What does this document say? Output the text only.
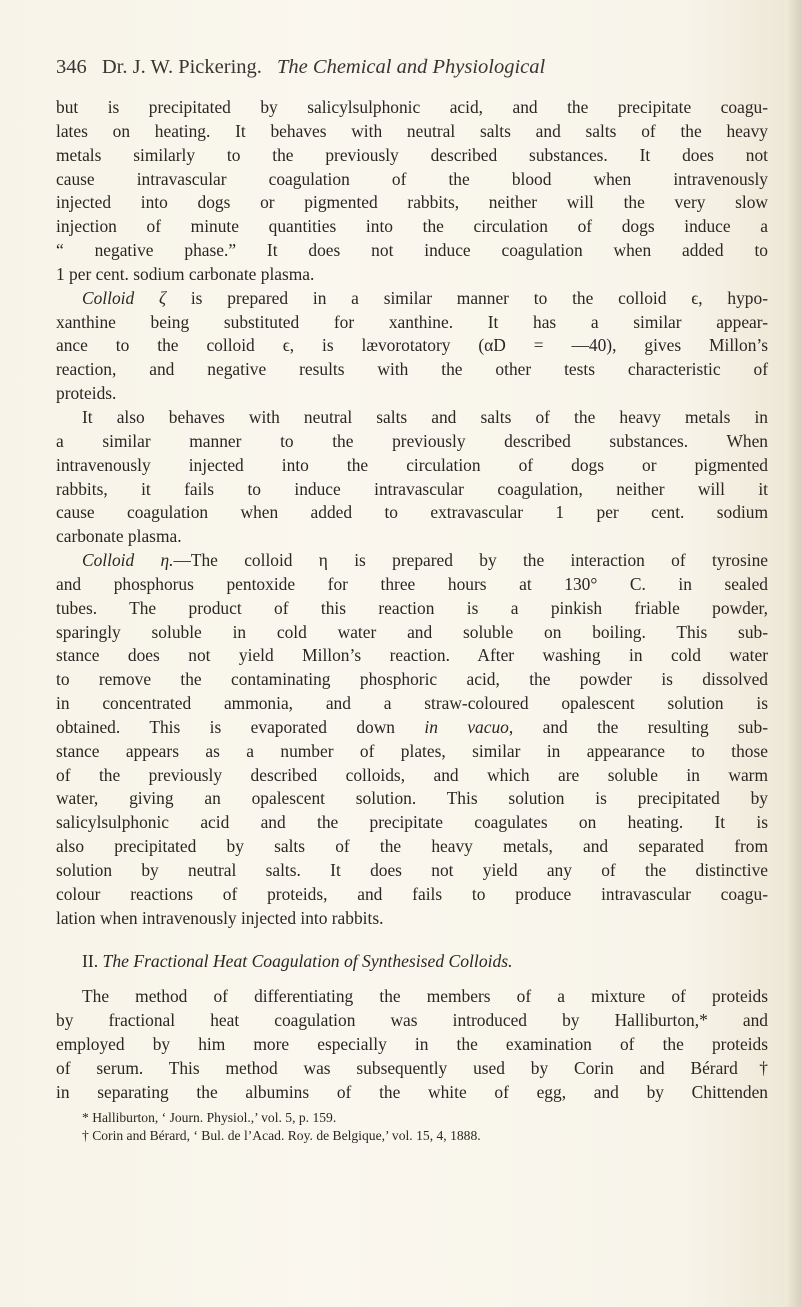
346 Dr. J. W. Pickering. The Chemical and Physiological

but is precipitated by salicylsulphonic acid, and the precipitate coagu-

lates on heating. It behaves with neutral salts and salts of the heavy

metals similarly to the previously described substances. It does not

cause intravascular coagulation of the blood when intravenously

injected into dogs or pigmented rabbits, neither will the very slow

injection of minute quantities into the circulation of dogs induce a

“ negative phase.” It does not induce coagulation when added to

1 per cent. sodium carbonate plasma.

Colloid ζ is prepared in a similar manner to the colloid ϵ, hypo-

xanthine being substituted for xanthine. It has a similar appear-

ance to the colloid ϵ, is lævorotatory (αD = —40), gives Millon’s

reaction, and negative results with the other tests characteristic of

proteids.

It also behaves with neutral salts and salts of the heavy metals in

a similar manner to the previously described substances. When

intravenously injected into the circulation of dogs or pigmented

rabbits, it fails to induce intravascular coagulation, neither will it

cause coagulation when added to extravascular 1 per cent. sodium

carbonate plasma.

Colloid η.—The colloid η is prepared by the interaction of tyrosine

and phosphorus pentoxide for three hours at 130° C. in sealed

tubes. The product of this reaction is a pinkish friable powder,

sparingly soluble in cold water and soluble on boiling. This sub-

stance does not yield Millon’s reaction. After washing in cold water

to remove the contaminating phosphoric acid, the powder is dissolved

in concentrated ammonia, and a straw-coloured opalescent solution is

obtained. This is evaporated down in vacuo, and the resulting sub-

stance appears as a number of plates, similar in appearance to those

of the previously described colloids, and which are soluble in warm

water, giving an opalescent solution. This solution is precipitated by

salicylsulphonic acid and the precipitate coagulates on heating. It is

also precipitated by salts of the heavy metals, and separated from

solution by neutral salts. It does not yield any of the distinctive

colour reactions of proteids, and fails to produce intravascular coagu-

lation when intravenously injected into rabbits.

II. The Fractional Heat Coagulation of Synthesised Colloids.

The method of differentiating the members of a mixture of proteids

by fractional heat coagulation was introduced by Halliburton,* and

employed by him more especially in the examination of the proteids

of serum. This method was subsequently used by Corin and Bérard†

in separating the albumins of the white of egg, and by Chittenden

* Halliburton, ‘ Journ. Physiol.,’ vol. 5, p. 159.
† Corin and Bérard, ‘ Bul. de l’Acad. Roy. de Belgique,’ vol. 15, 4, 1888.
